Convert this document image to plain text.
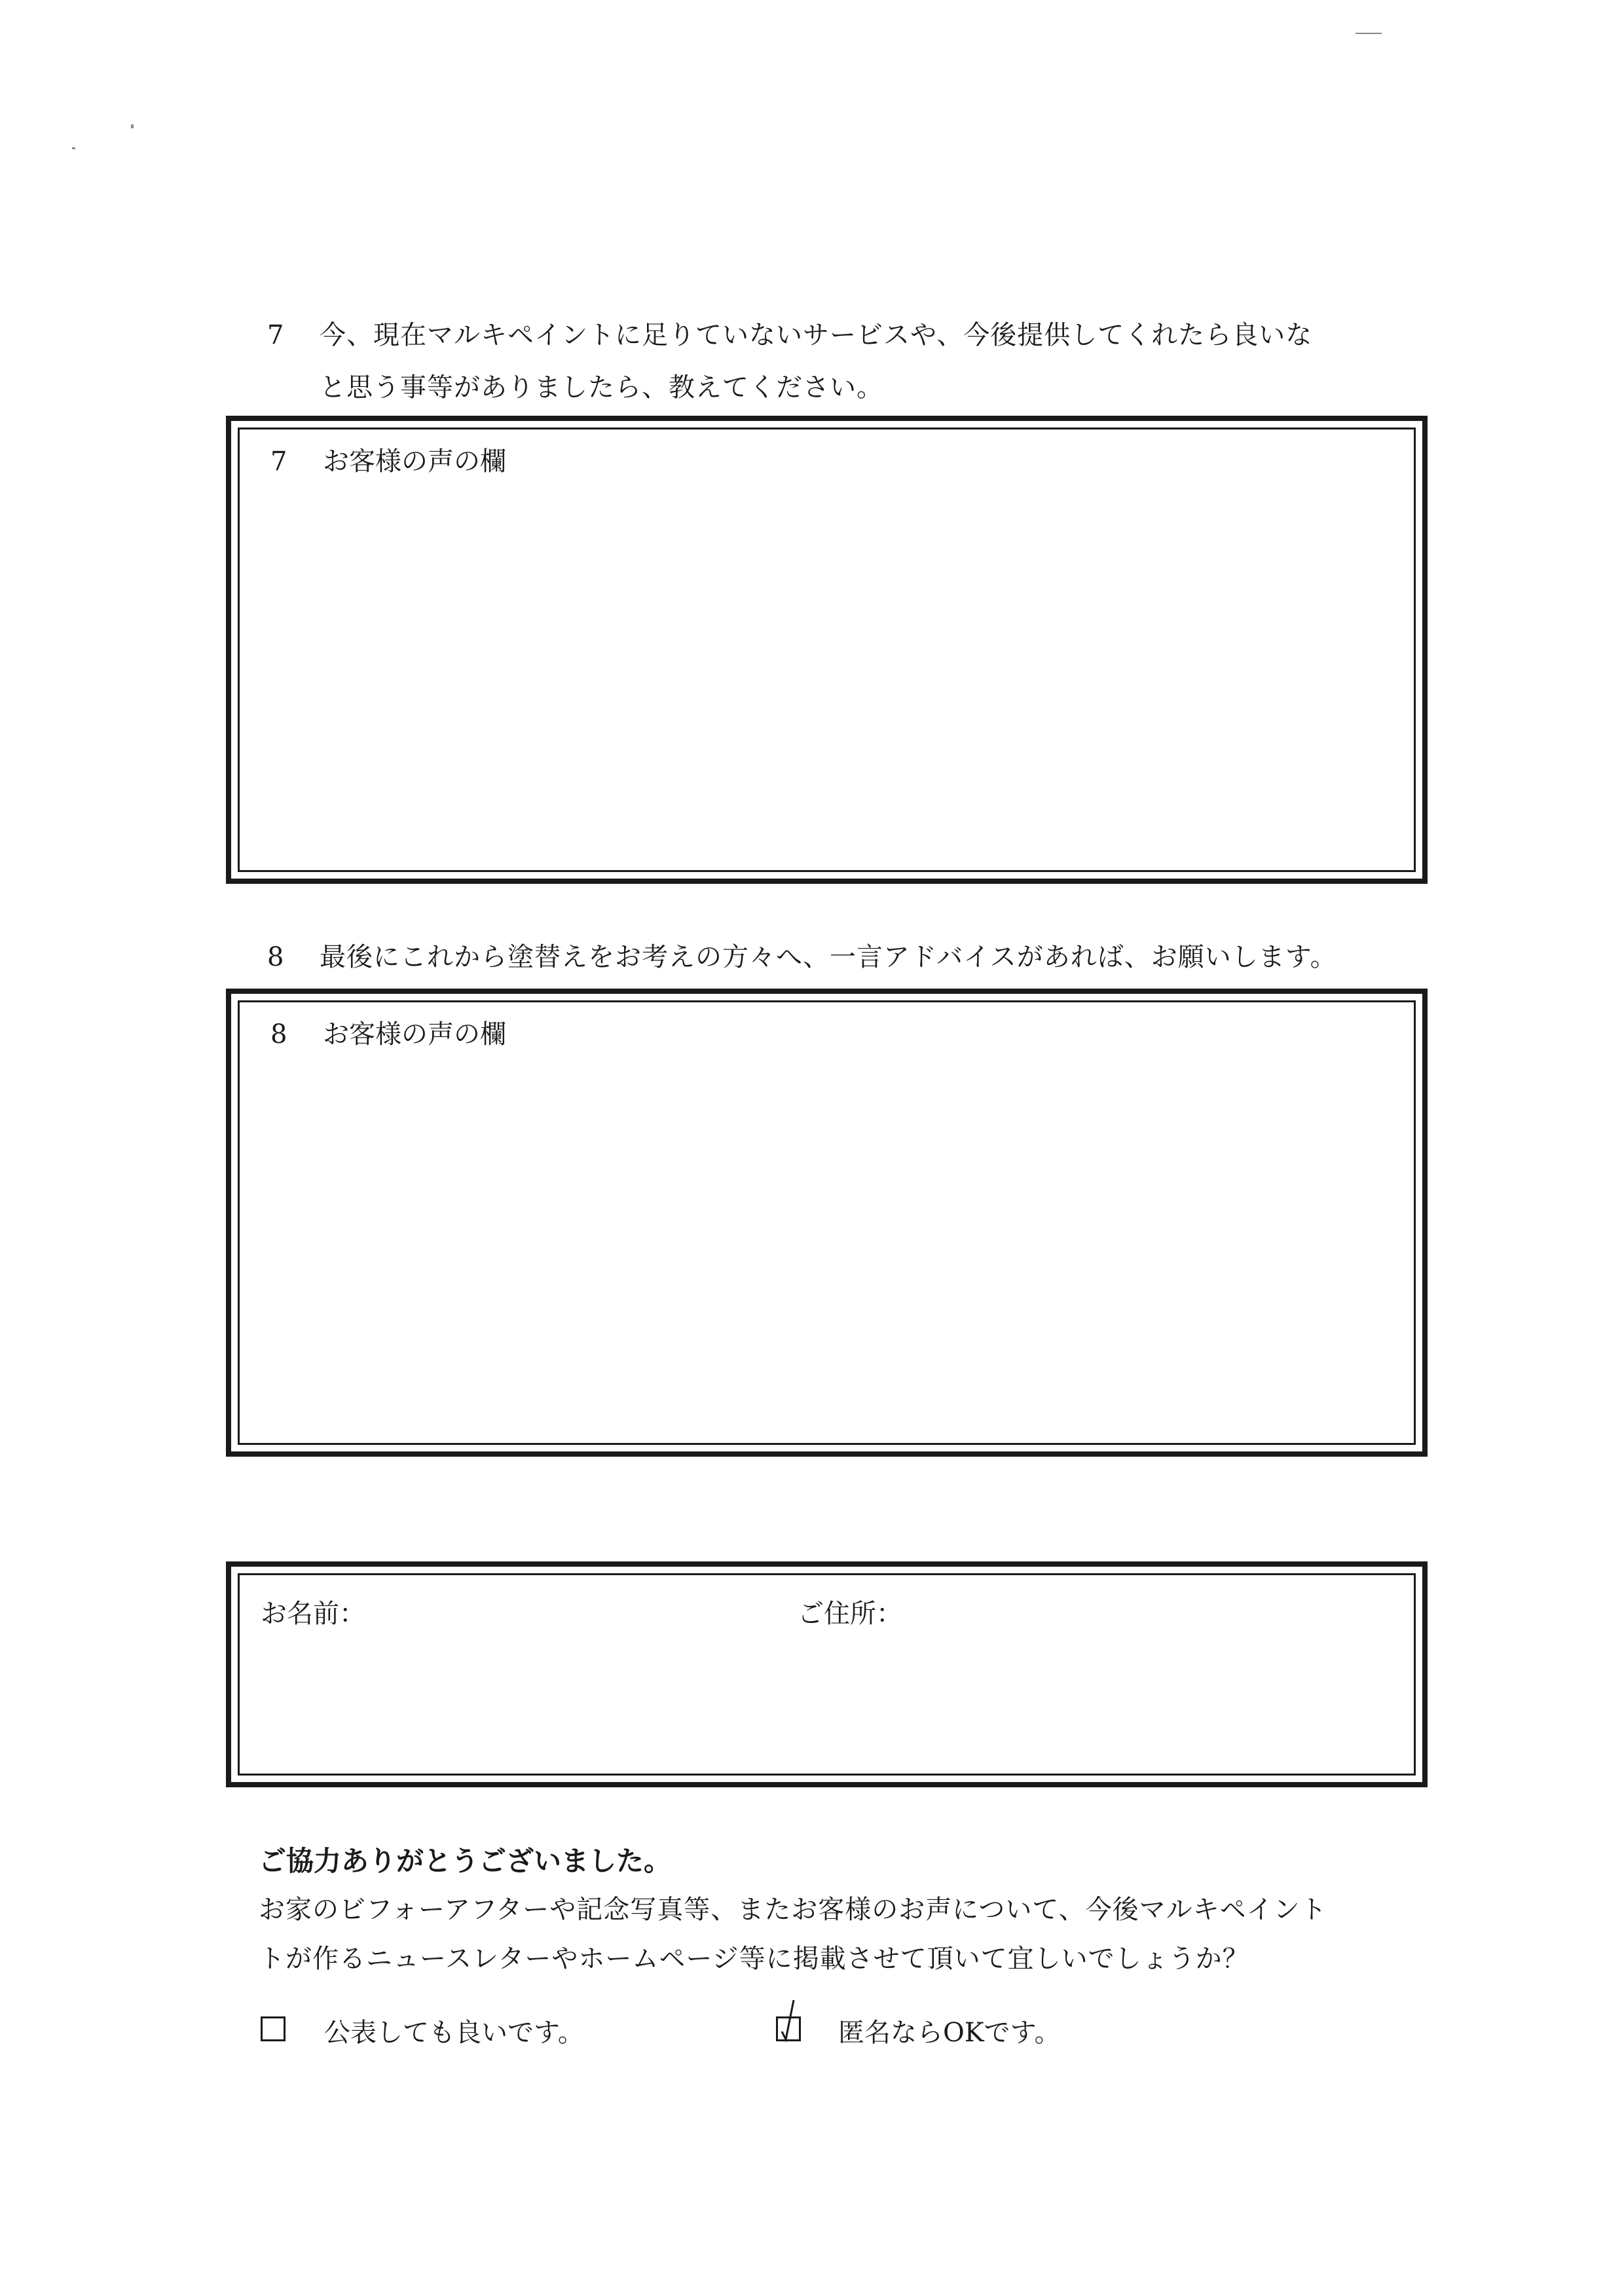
7 今、現在マルキペイントに足りていないサービスや、今後提供してくれたら良いな
と思う事等がありましたら、教えてください。
7 お客様の声の欄
8 最後にこれから塗替えをお考えの方々へ、一言アドバイスがあれば、お願いします。
8 お客様の声の欄
お名前：	ご住所：
ご協力ありがとうございました。
お家のビフォーアフターや記念写真等、またお客様のお声について、今後マルキペイント
トが作るニュースレターやホームページ等に掲載させて頂いて宜しいでしょうか？
公表しても良いです。	匿名ならOKです。
